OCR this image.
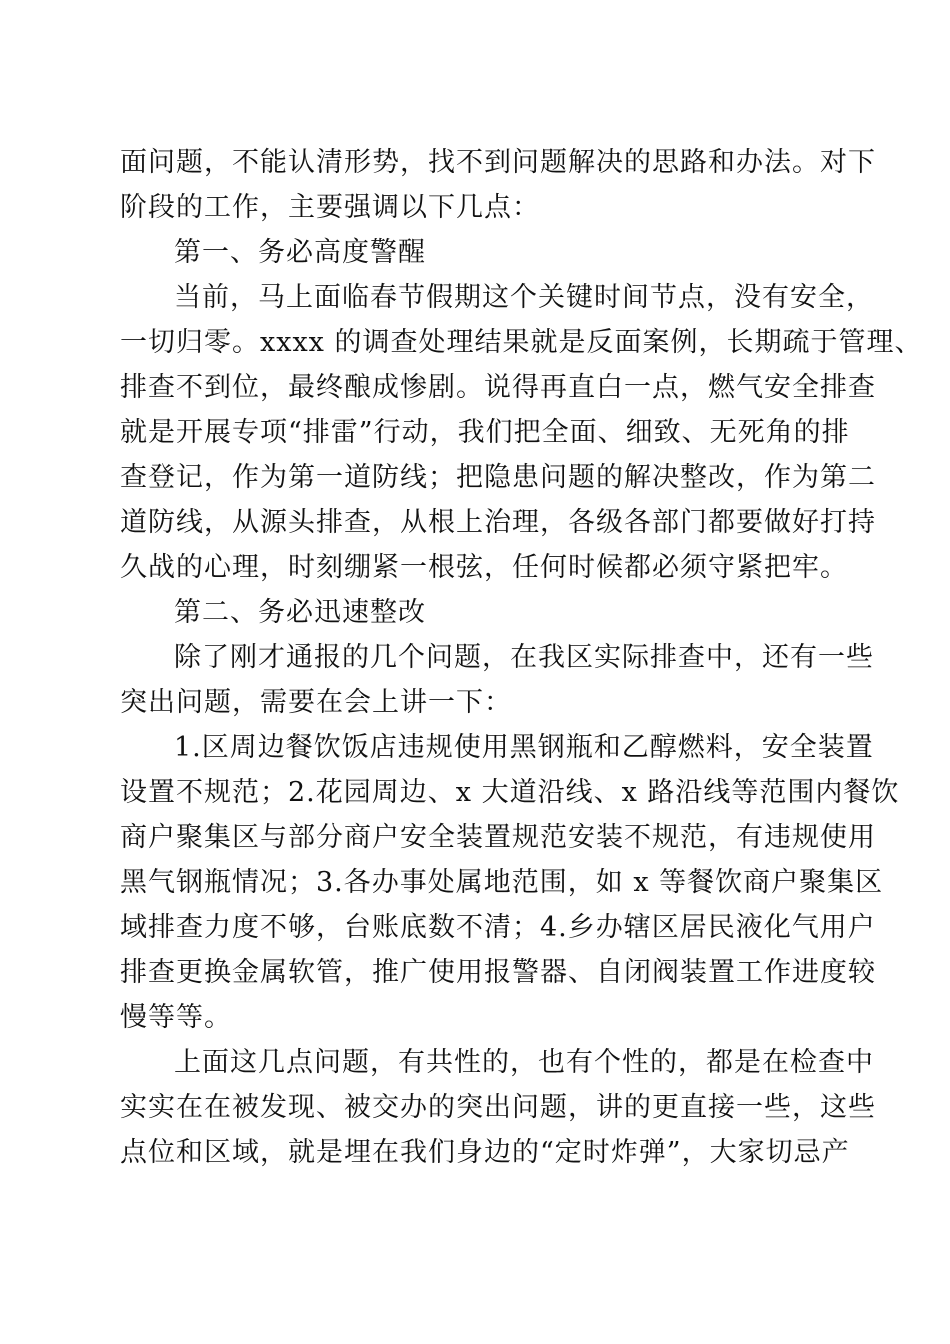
面问题，不能认清形势，找不到问题解决的思路和办法。对下
阶段的工作，主要强调以下几点：
第一、务必高度警醒
当前，马上面临春节假期这个关键时间节点，没有安全，
一切归零。xxxx 的调查处理结果就是反面案例，长期疏于管理、
排查不到位，最终酿成惨剧。说得再直白一点，燃气安全排查
就是开展专项“排雷”行动，我们把全面、细致、无死角的排
查登记，作为第一道防线；把隐患问题的解决整改，作为第二
道防线，从源头排查，从根上治理，各级各部门都要做好打持
久战的心理，时刻绷紧一根弦，任何时候都必须守紧把牢。
第二、务必迅速整改
除了刚才通报的几个问题，在我区实际排查中，还有一些
突出问题，需要在会上讲一下：
1.区周边餐饮饭店违规使用黑钢瓶和乙醇燃料，安全装置
设置不规范；2.花园周边、x 大道沿线、x 路沿线等范围内餐饮
商户聚集区与部分商户安全装置规范安装不规范，有违规使用
黑气钢瓶情况；3.各办事处属地范围，如 x 等餐饮商户聚集区
域排查力度不够，台账底数不清；4.乡办辖区居民液化气用户
排查更换金属软管，推广使用报警器、自闭阀装置工作进度较
慢等等。
上面这几点问题，有共性的，也有个性的，都是在检查中
实实在在被发现、被交办的突出问题，讲的更直接一些，这些
点位和区域，就是埋在我们身边的“定时炸弹”，大家切忌产
